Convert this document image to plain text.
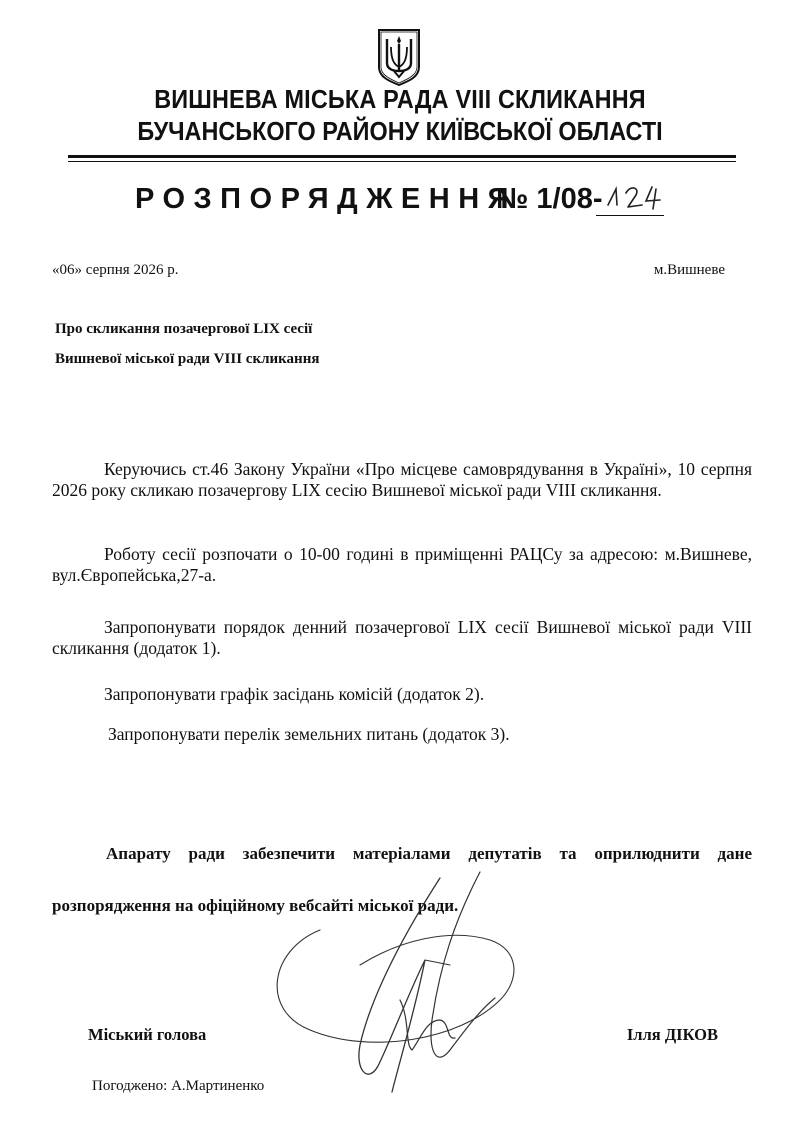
ВИШНЕВА МІСЬКА РАДА VIII СКЛИКАННЯ
БУЧАНСЬКОГО РАЙОНУ КИЇВСЬКОЇ ОБЛАСТІ
РОЗПОРЯДЖЕННЯ
№ 1/08-
«06» серпня 2026 р.	м.Вишневе
Про скликання позачергової LIX сесії
Вишневої міської ради VIII скликання
Керуючись ст.46 Закону України «Про місцеве самоврядування в Україні», 10 серпня 2026 року скликаю позачергову LIX сесію Вишневої міської ради VIII скликання.
Роботу сесії розпочати о 10-00 годині в приміщенні РАЦСу за адресою: м.Вишневе, вул.Європейська,27-а.
Запропонувати порядок денний позачергової LIX сесії Вишневої міської ради VIII скликання (додаток 1).
Запропонувати графік засідань комісій (додаток 2).
Запропонувати перелік земельних питань (додаток 3).
Апарату ради забезпечити матеріалами депутатів та оприлюднити дане розпорядження на офіційному вебсайті міської ради.
Міський голова	Ілля ДІКОВ
Погоджено: А.Мартиненко
